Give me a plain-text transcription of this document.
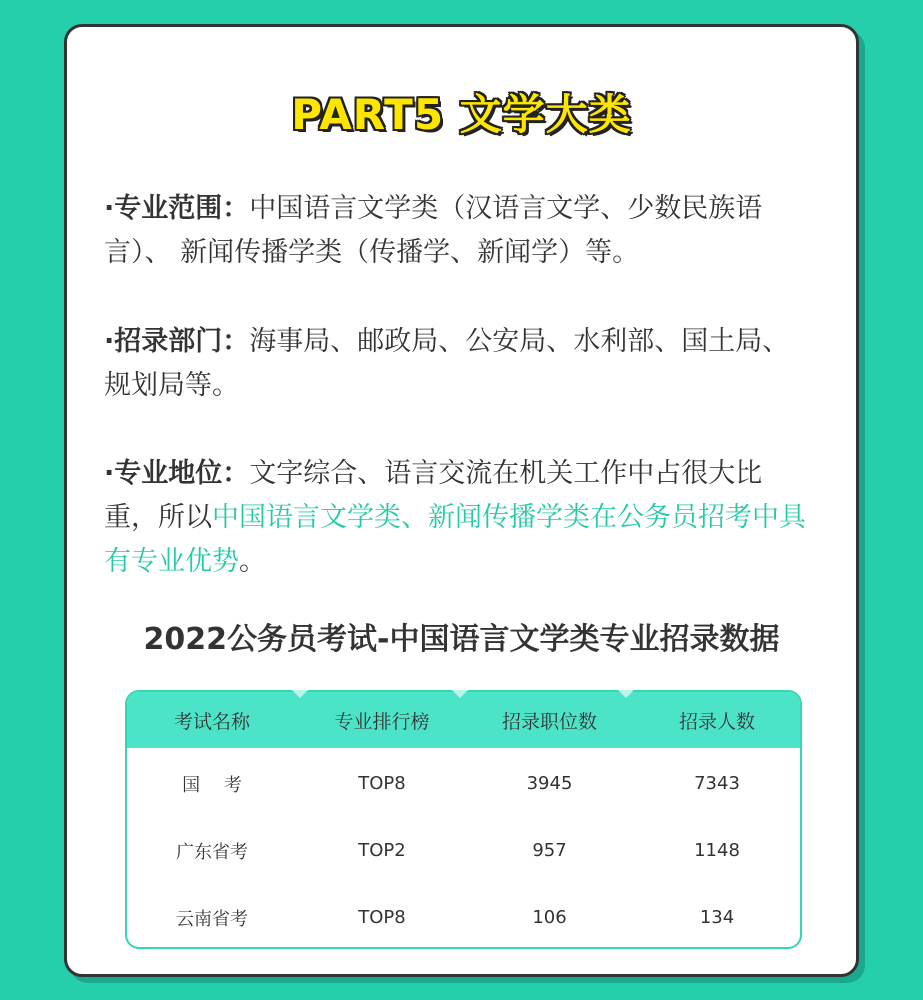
PART5 文学大类
·专业范围：中国语言文学类（汉语言文学、少数民族语言）、 新闻传播学类（传播学、新闻学）等。
·招录部门：海事局、邮政局、公安局、水利部、国土局、规划局等。
·专业地位：文字综合、语言交流在机关工作中占很大比重，所以中国语言文学类、新闻传播学类在公务员招考中具有专业优势。
2022公务员考试-中国语言文学类专业招录数据
考试名称	专业排行榜	招录职位数	招录人数
国　 考	TOP8	3945	7343
广东省考	TOP2	957	1148
云南省考	TOP8	106	134
